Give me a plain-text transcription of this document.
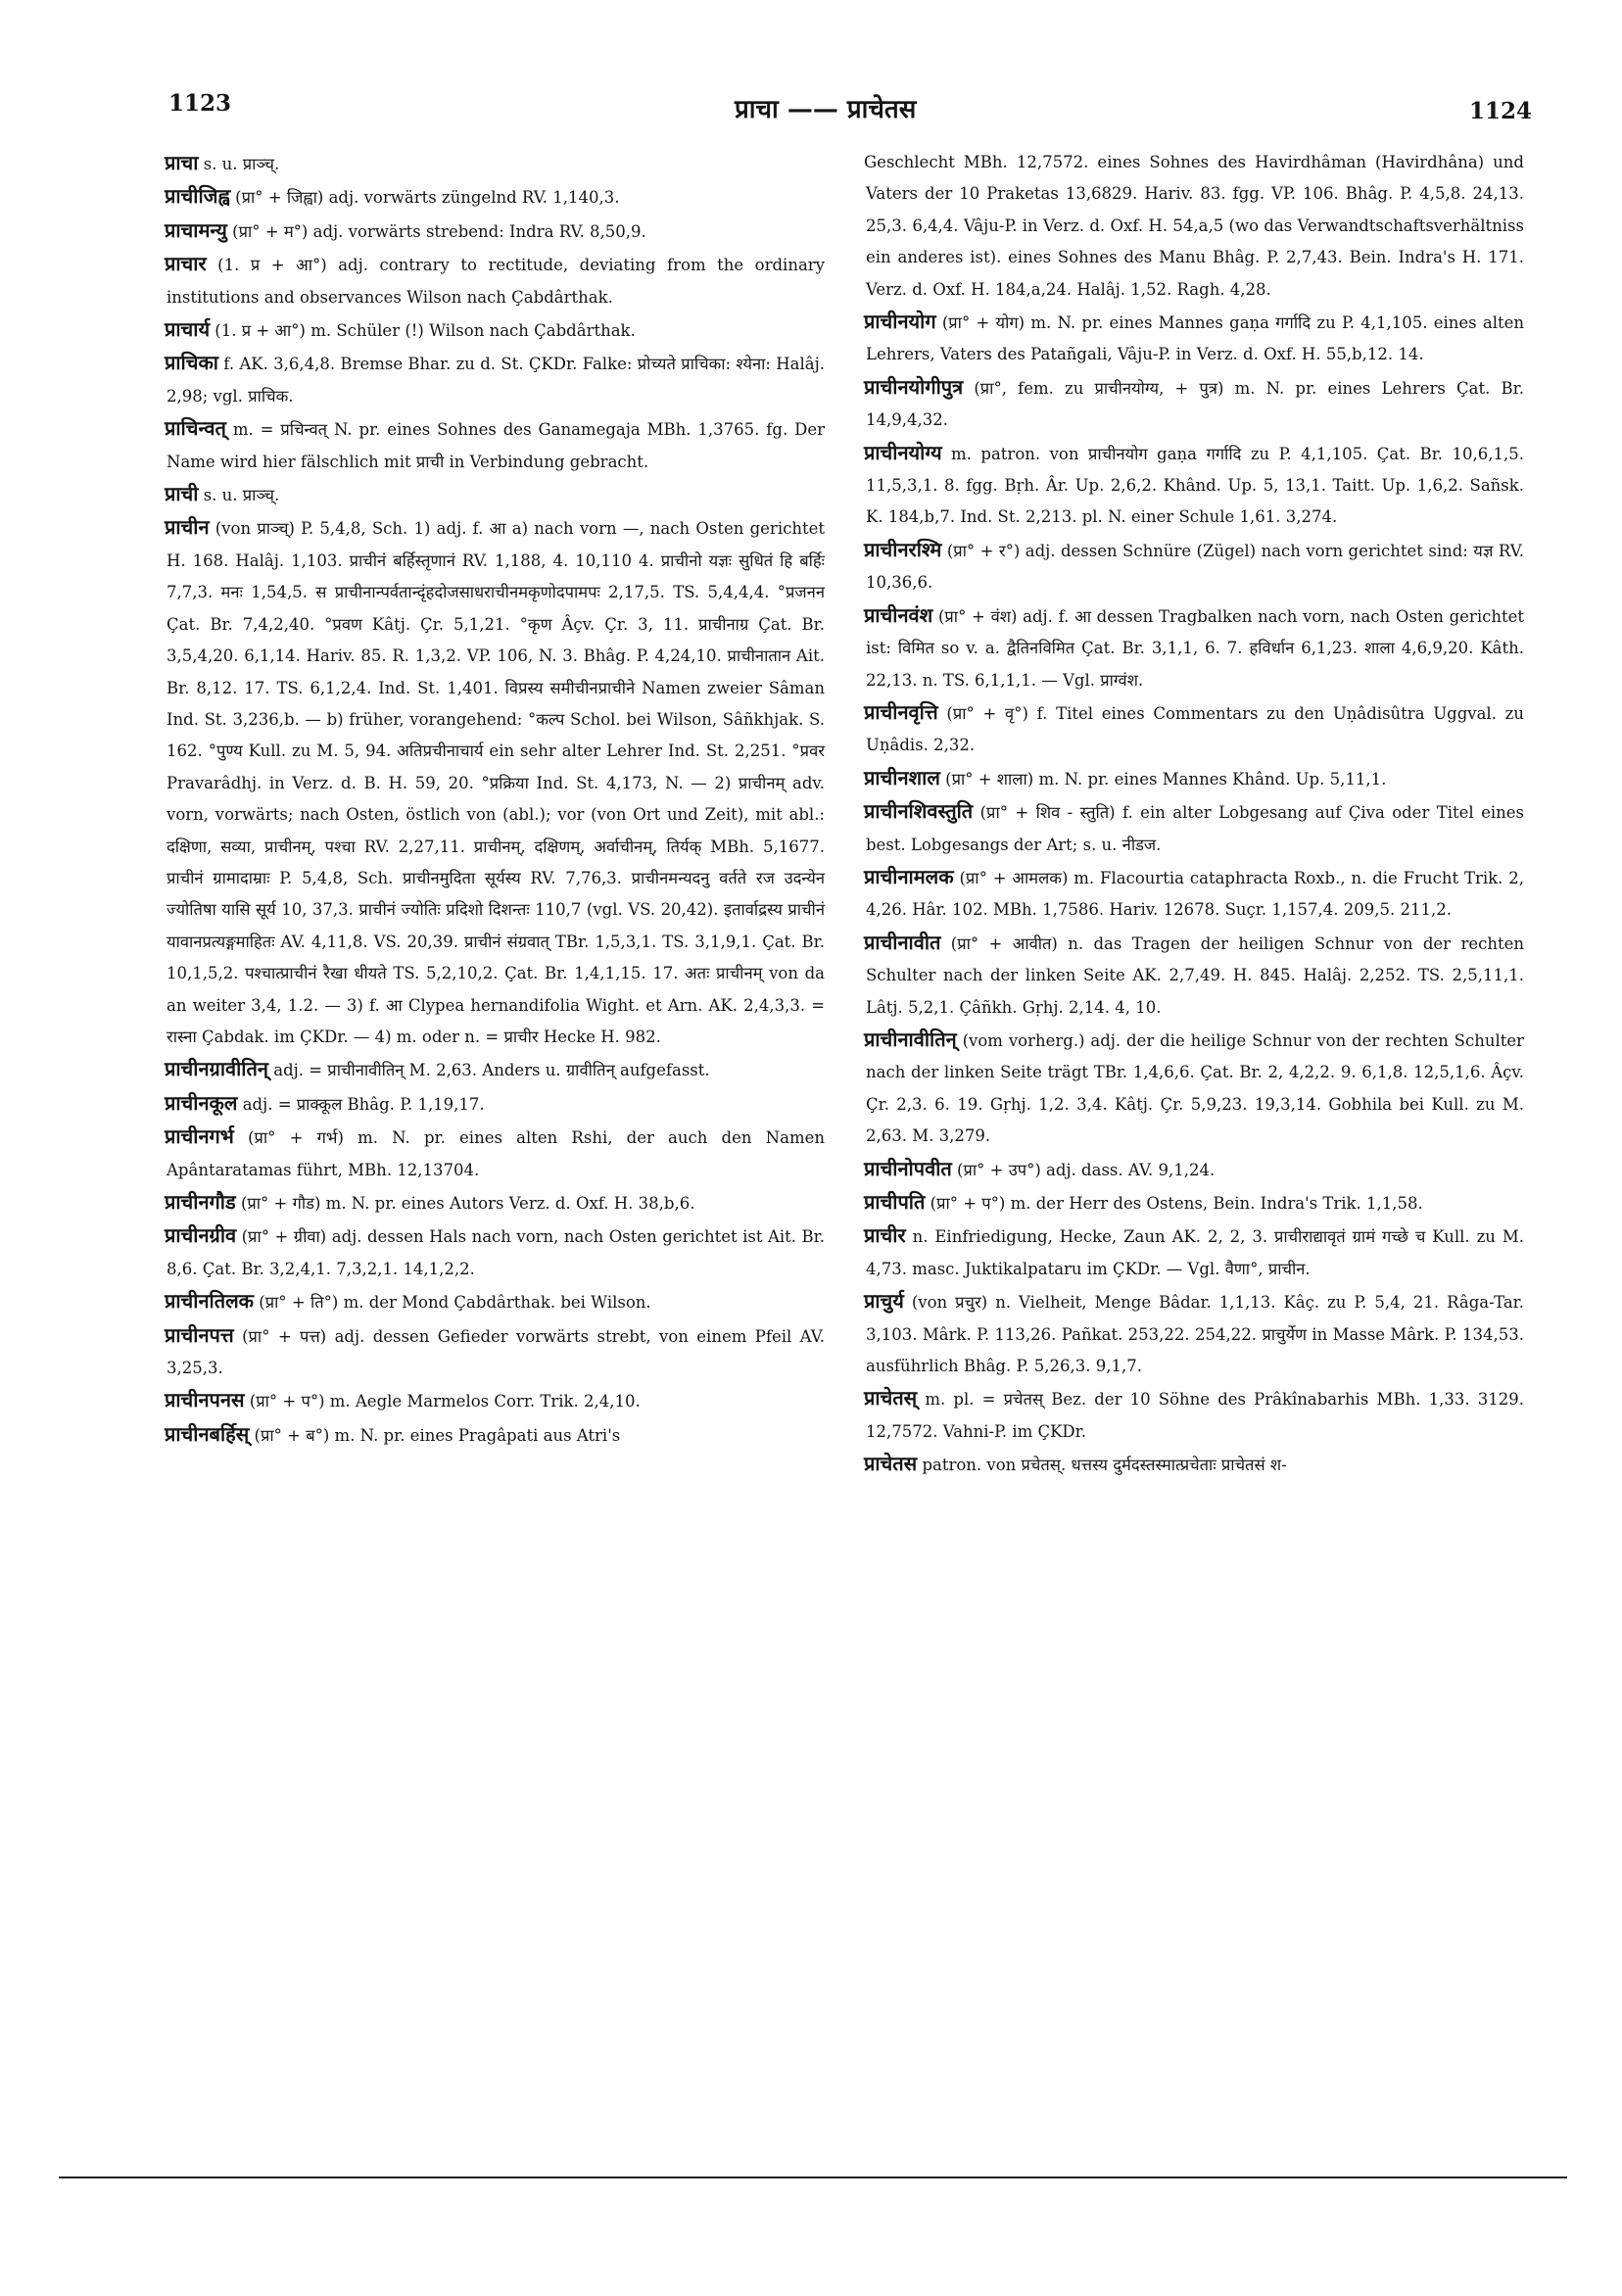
1123	प्राचा —— प्राचेतस	1124

प्राचा s. u. प्राञ्च्.

प्राचीजिह्व (प्रा° + जिह्वा) adj. vorwärts züngelnd RV. 1,140,3.

प्राचामन्यु (प्रा° + म°) adj. vorwärts strebend: Indra RV. 8,50,9.

प्राचार (1. प्र + आ°) adj. contrary to rectitude, deviating from the ordinary institutions and observances Wilson nach Çabdârthak.

प्राचार्य (1. प्र + आ°) m. Schüler (!) Wilson nach Çabdârthak.

प्राचिका f. AK. 3,6,4,8. Bremse Bhar. zu d. St. ÇKDr. Falke: प्रोच्यते प्राचिका: श्येना: Halâj. 2,98; vgl. प्राचिक.

प्राचिन्वत् m. = प्रचिन्वत् N. pr. eines Sohnes des Ganamegaja MBh. 1,3765. fg. Der Name wird hier fälschlich mit प्राची in Verbindung gebracht.

प्राची s. u. प्राञ्च्.

प्राचीन (von प्राञ्च्) P. 5,4,8, Sch. 1) adj. f. आ a) nach vorn —, nach Osten gerichtet H. 168. Halâj. 1,103. प्राचीनं बर्हिस्तृणानं RV. 1,188, 4. 10,110 4. प्राचीनो यज्ञः सुधितं हि बर्हिः 7,7,3. मनः 1,54,5. स प्राचीनान्पर्वतान्दृंहदोजसाधराचीनमकृणोदपामपः 2,17,5. TS. 5,4,4,4. °प्रजनन Çat. Br. 7,4,2,40. °प्रवण Kâtj. Çr. 5,1,21. °कृण Âçv. Çr. 3, 11. प्राचीनाग्र Çat. Br. 3,5,4,20. 6,1,14. Hariv. 85. R. 1,3,2. VP. 106, N. 3. Bhâg. P. 4,24,10. प्राचीनातान Ait. Br. 8,12. 17. TS. 6,1,2,4. Ind. St. 1,401. विप्रस्य समीचीनप्राचीने Namen zweier Sâman Ind. St. 3,236,b. — b) früher, vorangehend: °कल्प Schol. bei Wilson, Sâñkhjak. S. 162. °पुण्य Kull. zu M. 5, 94. अतिप्रचीनाचार्य ein sehr alter Lehrer Ind. St. 2,251. °प्रवर Pravarâdhj. in Verz. d. B. H. 59, 20. °प्रक्रिया Ind. St. 4,173, N. — 2) प्राचीनम् adv. vorn, vorwärts; nach Osten, östlich von (abl.); vor (von Ort und Zeit), mit abl.: दक्षिणा, सव्या, प्राचीनम्, पश्चा RV. 2,27,11. प्राचीनम्, दक्षिणम्, अर्वाचीनम्, तिर्यक् MBh. 5,1677. प्राचीनं ग्रामादाम्राः P. 5,4,8, Sch. प्राचीनमुदिता सूर्यस्य RV. 7,76,3. प्राचीनमन्यदनु वर्तते रज उदन्येन ज्योतिषा यासि सूर्य 10, 37,3. प्राचीनं ज्योतिः प्रदिशो दिशन्तः 110,7 (vgl. VS. 20,42). इतार्वाद्रस्य प्राचीनं यावानप्रत्यङ्गमाहितः AV. 4,11,8. VS. 20,39. प्राचीनं संग्रवात् TBr. 1,5,3,1. TS. 3,1,9,1. Çat. Br. 10,1,5,2. पश्चात्प्राचीनं रैखा धीयते TS. 5,2,10,2. Çat. Br. 1,4,1,15. 17. अतः प्राचीनम् von da an weiter 3,4, 1.2. — 3) f. आ Clypea hernandifolia Wight. et Arn. AK. 2,4,3,3. = रास्ना Çabdak. im ÇKDr. — 4) m. oder n. = प्राचीर Hecke H. 982.

प्राचीनग्रावीतिन् adj. = प्राचीनावीतिन् M. 2,63. Anders u. ग्रावीतिन् aufgefasst.

प्राचीनकूल adj. = प्राक्कूल Bhâg. P. 1,19,17.

प्राचीनगर्भ (प्रा° + गर्भ) m. N. pr. eines alten Rshi, der auch den Namen Apântaratamas führt, MBh. 12,13704.

प्राचीनगौड (प्रा° + गौड) m. N. pr. eines Autors Verz. d. Oxf. H. 38,b,6.

प्राचीनग्रीव (प्रा° + ग्रीवा) adj. dessen Hals nach vorn, nach Osten gerichtet ist Ait. Br. 8,6. Çat. Br. 3,2,4,1. 7,3,2,1. 14,1,2,2.

प्राचीनतिलक (प्रा° + ति°) m. der Mond Çabdârthak. bei Wilson.

प्राचीनपत्त (प्रा° + पत्त) adj. dessen Gefieder vorwärts strebt, von einem Pfeil AV. 3,25,3.

प्राचीनपनस (प्रा° + प°) m. Aegle Marmelos Corr. Trik. 2,4,10.

प्राचीनबर्हिस् (प्रा° + ब°) m. N. pr. eines Pragâpati aus Atri's

Geschlecht MBh. 12,7572. eines Sohnes des Havirdhâman (Havirdhâna) und Vaters der 10 Praketas 13,6829. Hariv. 83. fgg. VP. 106. Bhâg. P. 4,5,8. 24,13. 25,3. 6,4,4. Vâju-P. in Verz. d. Oxf. H. 54,a,5 (wo das Verwandtschaftsverhältniss ein anderes ist). eines Sohnes des Manu Bhâg. P. 2,7,43. Bein. Indra's H. 171. Verz. d. Oxf. H. 184,a,24. Halâj. 1,52. Ragh. 4,28.

प्राचीनयोग (प्रा° + योग) m. N. pr. eines Mannes gaṇa गर्गादि zu P. 4,1,105. eines alten Lehrers, Vaters des Patañgali, Vâju-P. in Verz. d. Oxf. H. 55,b,12. 14.

प्राचीनयोगीपुत्र (प्रा°, fem. zu प्राचीनयोग्य, + पुत्र) m. N. pr. eines Lehrers Çat. Br. 14,9,4,32.

प्राचीनयोग्य m. patron. von प्राचीनयोग gaṇa गर्गादि zu P. 4,1,105. Çat. Br. 10,6,1,5. 11,5,3,1. 8. fgg. Bṛh. Âr. Up. 2,6,2. Khând. Up. 5, 13,1. Taitt. Up. 1,6,2. Sañsk. K. 184,b,7. Ind. St. 2,213. pl. N. einer Schule 1,61. 3,274.

प्राचीनरश्मि (प्रा° + र°) adj. dessen Schnüre (Zügel) nach vorn gerichtet sind: यज्ञ RV. 10,36,6.

प्राचीनवंश (प्रा° + वंश) adj. f. आ dessen Tragbalken nach vorn, nach Osten gerichtet ist: विमित so v. a. द्वैतिनविमित Çat. Br. 3,1,1, 6. 7. हविर्धान 6,1,23. शाला 4,6,9,20. Kâth. 22,13. n. TS. 6,1,1,1. — Vgl. प्राग्वंश.

प्राचीनवृत्ति (प्रा° + वृ°) f. Titel eines Commentars zu den Uṇâdisûtra Uggval. zu Uṇâdis. 2,32.

प्राचीनशाल (प्रा° + शाला) m. N. pr. eines Mannes Khând. Up. 5,11,1.

प्राचीनशिवस्तुति (प्रा° + शिव - स्तुति) f. ein alter Lobgesang auf Çiva oder Titel eines best. Lobgesangs der Art; s. u. नीडज.

प्राचीनामलक (प्रा° + आमलक) m. Flacourtia cataphracta Roxb., n. die Frucht Trik. 2, 4,26. Hâr. 102. MBh. 1,7586. Hariv. 12678. Suçr. 1,157,4. 209,5. 211,2.

प्राचीनावीत (प्रा° + आवीत) n. das Tragen der heiligen Schnur von der rechten Schulter nach der linken Seite AK. 2,7,49. H. 845. Halâj. 2,252. TS. 2,5,11,1. Lâtj. 5,2,1. Çâñkh. Gṛhj. 2,14. 4, 10.

प्राचीनावीतिन् (vom vorherg.) adj. der die heilige Schnur von der rechten Schulter nach der linken Seite trägt TBr. 1,4,6,6. Çat. Br. 2, 4,2,2. 9. 6,1,8. 12,5,1,6. Âçv. Çr. 2,3. 6. 19. Gṛhj. 1,2. 3,4. Kâtj. Çr. 5,9,23. 19,3,14. Gobhila bei Kull. zu M. 2,63. M. 3,279.

प्राचीनोपवीत (प्रा° + उप°) adj. dass. AV. 9,1,24.

प्राचीपति (प्रा° + प°) m. der Herr des Ostens, Bein. Indra's Trik. 1,1,58.

प्राचीर n. Einfriedigung, Hecke, Zaun AK. 2, 2, 3. प्राचीराद्यावृतं ग्रामं गच्छे च Kull. zu M. 4,73. masc. Juktikalpataru im ÇKDr. — Vgl. वैणा°, प्राचीन.

प्राचुर्य (von प्रचुर) n. Vielheit, Menge Bâdar. 1,1,13. Kâç. zu P. 5,4, 21. Râga-Tar. 3,103. Mârk. P. 113,26. Pañkat. 253,22. 254,22. प्राचुर्येण in Masse Mârk. P. 134,53. ausführlich Bhâg. P. 5,26,3. 9,1,7.

प्राचेतस् m. pl. = प्रचेतस् Bez. der 10 Söhne des Prâkînabarhis MBh. 1,33. 3129. 12,7572. Vahni-P. im ÇKDr.

प्राचेतस patron. von प्रचेतस्. धत्तस्य दुर्मदस्तस्मात्प्रचेताः प्राचेतसं श-
